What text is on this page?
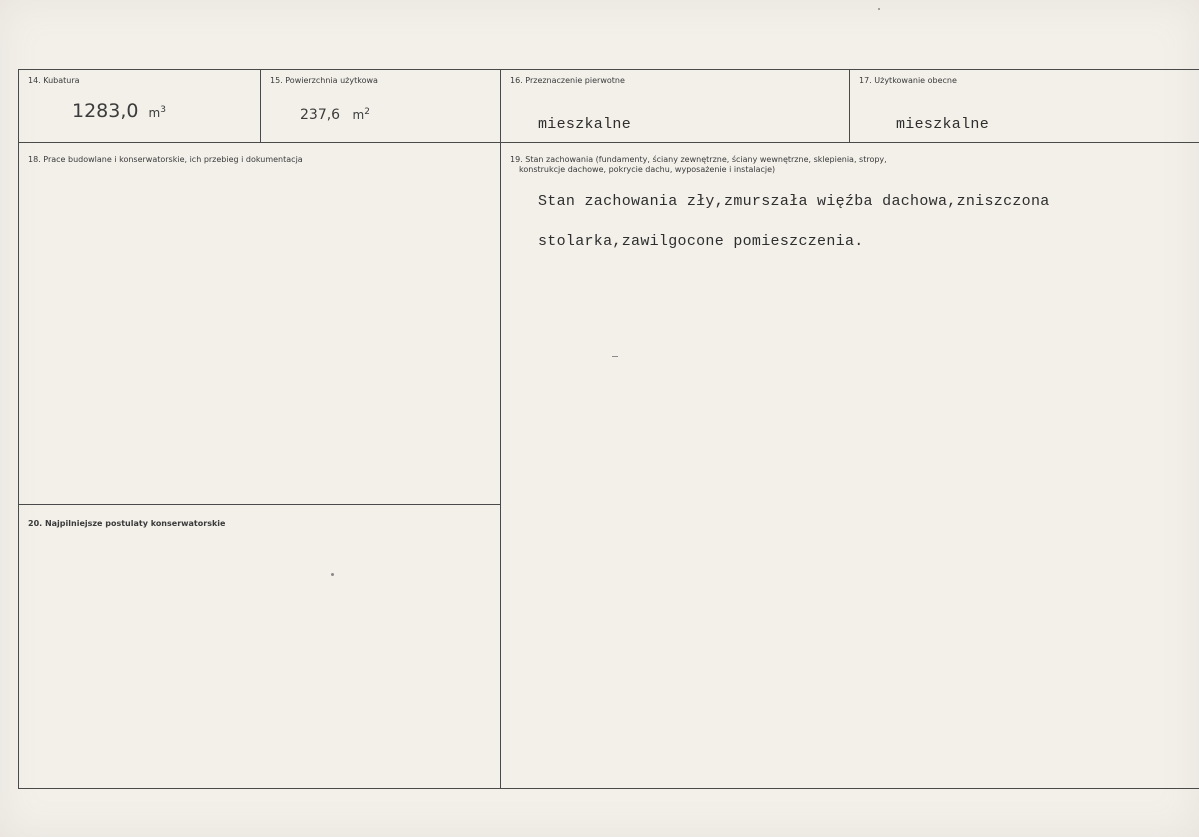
14. Kubatura
1283,0 $m^3$
15. Powierzchnia użytkowa
237,6 $m^2$
16. Przeznaczenie pierwotne
mieszkalne
17. Użytkowanie obecne
mieszkalne
18. Prace budowlane i konserwatorskie, ich przebieg i dokumentacja	19. Stan zachowania (fundamenty, ściany zewnętrzne, ściany wewnętrzne, sklepienia, stropy,
konstrukcje dachowe, pokrycie dachu, wyposażenie i instalacje)
Stan zachowania zły,zmurszała więźba dachowa,zniszczona
stolarka,zawilgocone pomieszczenia.
20. Najpilniejsze postulaty konserwatorskie
